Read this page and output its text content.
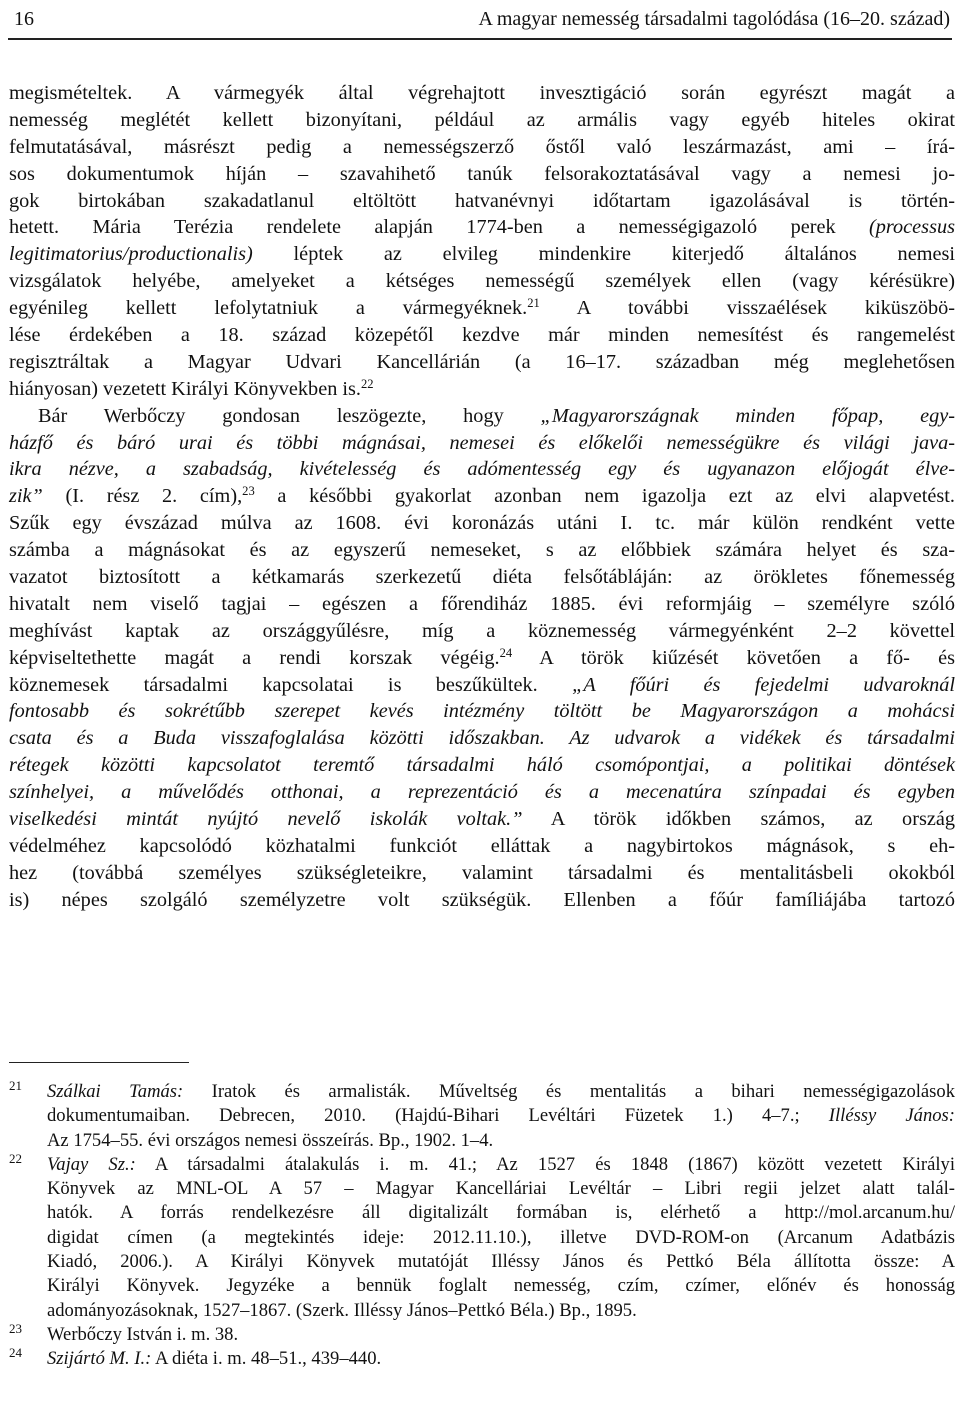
16	A magyar nemesség társadalmi tagolódása (16–20. század)
megismételtek. A vármegyék által végrehajtott invesztigáció során egyrészt magát a
nemesség meglétét kellett bizonyítani, például az armális vagy egyéb hiteles okirat
felmutatásával, másrészt pedig a nemességszerző őstől való leszármazást, ami – írá-
sos dokumentumok híján – szavahihető tanúk felsorakoztatásával vagy a nemesi jo-
gok birtokában szakadatlanul eltöltött hatvanévnyi időtartam igazolásával is történ-
hetett. Mária Terézia rendelete alapján 1774-ben a nemességigazoló perek (processus
legitimatorius/productionalis) léptek az elvileg mindenkire kiterjedő általános nemesi
vizsgálatok helyébe, amelyeket a kétséges nemességű személyek ellen (vagy kérésükre)
egyénileg kellett lefolytatniuk a vármegyéknek.$^{21}$ A további visszaélések kiküszöbö-
lése érdekében a 18. század közepétől kezdve már minden nemesítést és rangemelést
regisztráltak a Magyar Udvari Kancellárián (a 16–17. században még meglehetősen
hiányosan) vezetett Királyi Könyvekben is.$^{22}$
Bár Werbőczy gondosan leszögezte, hogy „Magyarországnak minden főpap, egy-
házfő és báró urai és többi mágnásai, nemesei és előkelői nemességükre és világi java-
ikra nézve, a szabadság, kivételesség és adómentesség egy és ugyanazon előjogát élve-
zik” (I. rész 2. cím),$^{23}$ a későbbi gyakorlat azonban nem igazolja ezt az elvi alapvetést.
Szűk egy évszázad múlva az 1608. évi koronázás utáni I. tc. már külön rendként vette
számba a mágnásokat és az egyszerű nemeseket, s az előbbiek számára helyet és sza-
vazatot biztosított a kétkamarás szerkezetű diéta felsőtábláján: az örökletes főnemesség
hivatalt nem viselő tagjai – egészen a főrendiház 1885. évi reformjáig – személyre szóló
meghívást kaptak az országgyűlésre, míg a köznemesség vármegyénként 2–2 követtel
képviseltethette magát a rendi korszak végéig.$^{24}$ A török kiűzését követően a fő- és
köznemesek társadalmi kapcsolatai is beszűkültek. „A főúri és fejedelmi udvaroknál
fontosabb és sokrétűbb szerepet kevés intézmény töltött be Magyarországon a mohácsi
csata és a Buda visszafoglalása közötti időszakban. Az udvarok a vidékek és társadalmi
rétegek közötti kapcsolatot teremtő társadalmi háló csomópontjai, a politikai döntések
színhelyei, a művelődés otthonai, a reprezentáció és a mecenatúra színpadai és egyben
viselkedési mintát nyújtó nevelő iskolák voltak.” A török időkben számos, az ország
védelméhez kapcsolódó közhatalmi funkciót elláttak a nagybirtokos mágnások, s eh-
hez (továbbá személyes szükségleteikre, valamint társadalmi és mentalitásbeli okokból
is) népes szolgáló személyzetre volt szükségük. Ellenben a főúr famíliájába tartozó
21 Szálkai Tamás: Iratok és armalisták. Műveltség és mentalitás a bihari nemességigazolások
dokumentumaiban. Debrecen, 2010. (Hajdú-Bihari Levéltári Füzetek 1.) 4–7.; Illéssy János:
Az 1754–55. évi országos nemesi összeírás. Bp., 1902. 1–4.
22 Vajay Sz.: A társadalmi átalakulás i. m. 41.; Az 1527 és 1848 (1867) között vezetett Királyi
Könyvek az MNL-OL A 57 – Magyar Kancelláriai Levéltár – Libri regii jelzet alatt talál-
hatók. A forrás rendelkezésre áll digitalizált formában is, elérhető a http://mol.arcanum.hu/
digidat címen (a megtekintés ideje: 2012.11.10.), illetve DVD-ROM-on (Arcanum Adatbázis
Kiadó, 2006.). A Királyi Könyvek mutatóját Illéssy János és Pettkó Béla állította össze: A
Királyi Könyvek. Jegyzéke a bennük foglalt nemesség, czím, czímer, előnév és honosság
adományozásoknak, 1527–1867. (Szerk. Illéssy János–Pettkó Béla.) Bp., 1895.
23 Werbőczy István i. m. 38.
24 Szijártó M. I.: A diéta i. m. 48–51., 439–440.
